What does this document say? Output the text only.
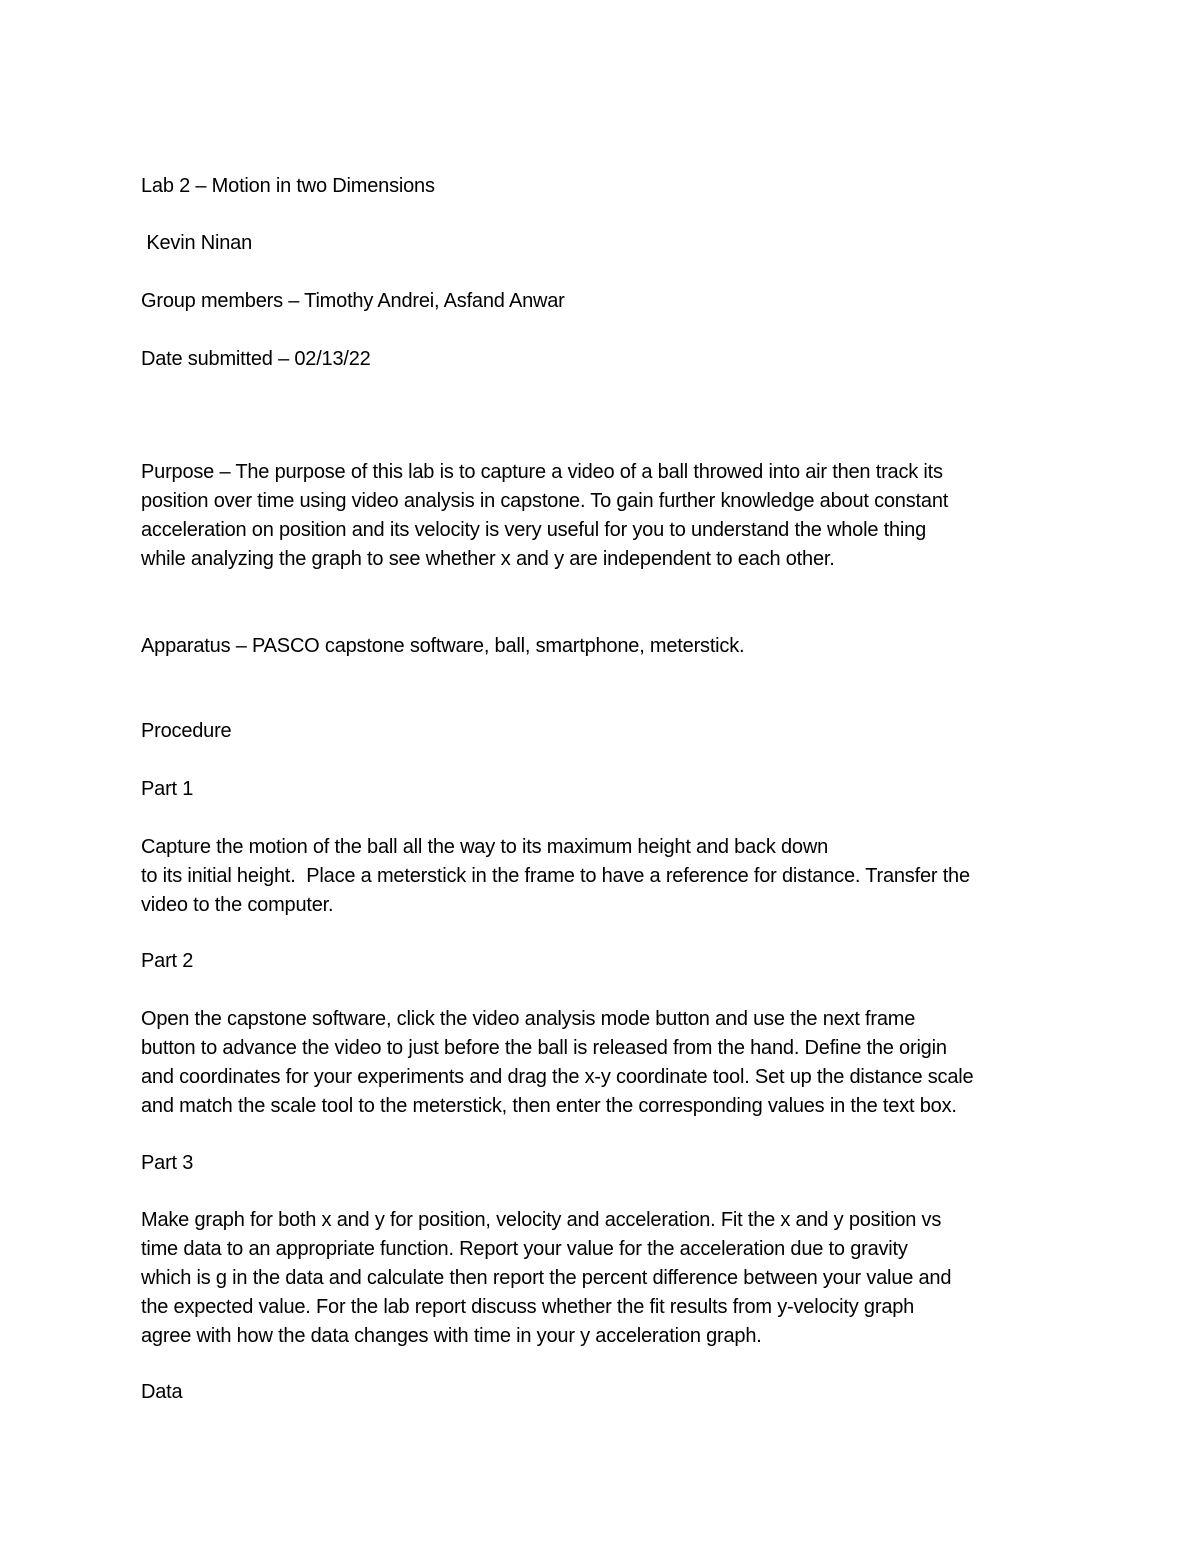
Lab 2 – Motion in two Dimensions
Kevin Ninan
Group members – Timothy Andrei, Asfand Anwar
Date submitted – 02/13/22
Purpose – The purpose of this lab is to capture a video of a ball throwed into air then track its
position over time using video analysis in capstone. To gain further knowledge about constant
acceleration on position and its velocity is very useful for you to understand the whole thing
while analyzing the graph to see whether x and y are independent to each other.
Apparatus – PASCO capstone software, ball, smartphone, meterstick.
Procedure
Part 1
Capture the motion of the ball all the way to its maximum height and back down
to its initial height.  Place a meterstick in the frame to have a reference for distance. Transfer the
video to the computer.
Part 2
Open the capstone software, click the video analysis mode button and use the next frame
button to advance the video to just before the ball is released from the hand. Define the origin
and coordinates for your experiments and drag the x-y coordinate tool. Set up the distance scale
and match the scale tool to the meterstick, then enter the corresponding values in the text box.
Part 3
Make graph for both x and y for position, velocity and acceleration. Fit the x and y position vs
time data to an appropriate function. Report your value for the acceleration due to gravity
which is g in the data and calculate then report the percent difference between your value and
the expected value. For the lab report discuss whether the fit results from y-velocity graph
agree with how the data changes with time in your y acceleration graph.
Data
